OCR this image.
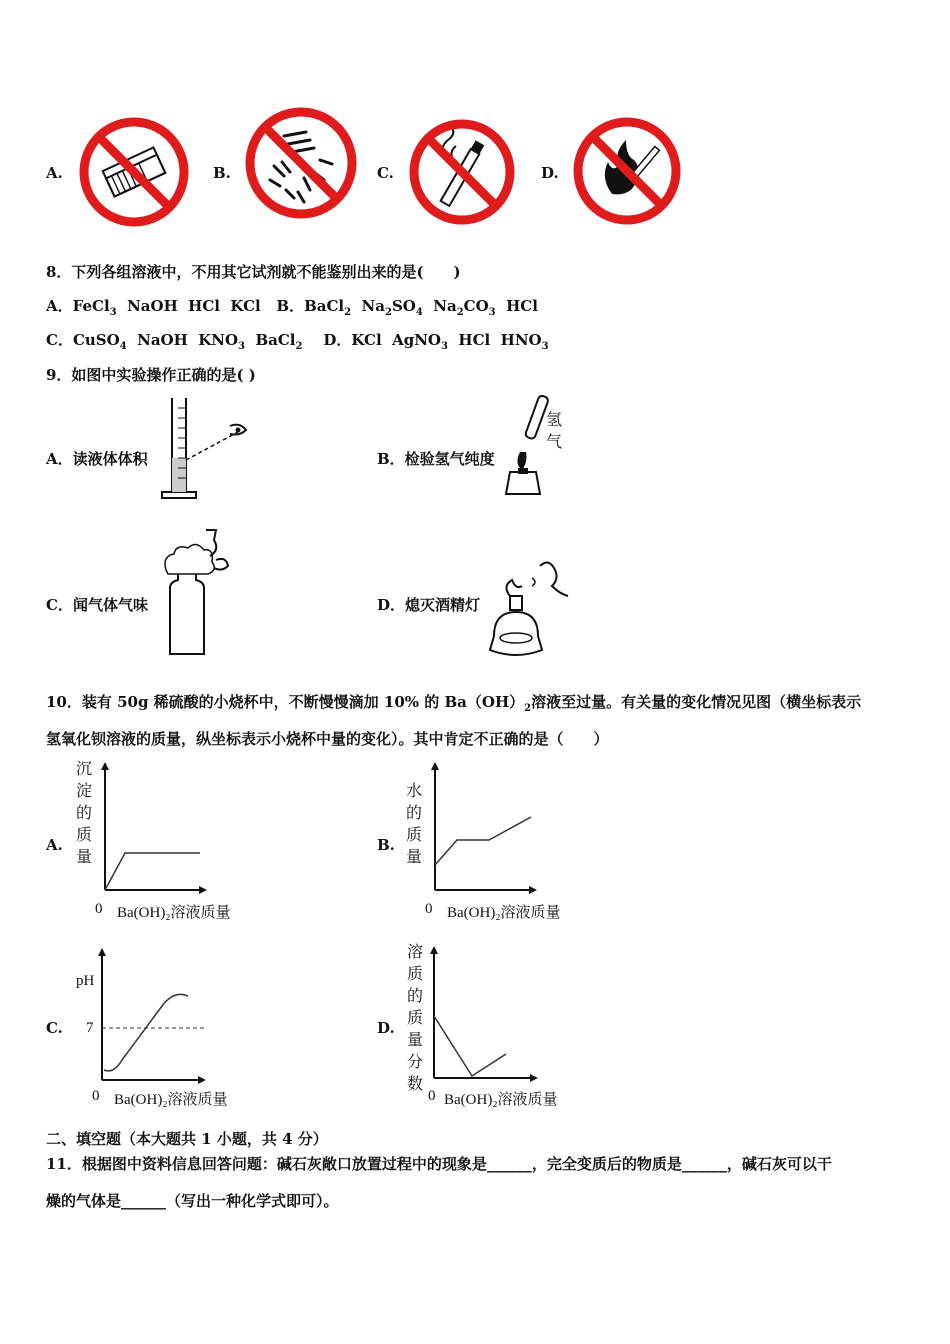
A.	B.	C.	D.
8．下列各组溶液中，不用其它试剂就不能鉴别出来的是(　　)
A．FeCl$_3$  NaOH  HCl  KCl B．BaCl$_2$  $Na_2SO_4$  $Na_2CO_3$  HCl
C．CuSO$_4$  NaOH  $KNO_3$  BaCl$_2$ D．KCl  AgNO$_3$  HCl  $HNO_3$
9．如图中实验操作正确的是( )
A．读液体体积	B．检验氢气纯度
氢
气
C．闻气体气味	D．熄灭酒精灯
10．装有 50g 稀硫酸的小烧杯中，不断慢慢滴加 10% 的 $Ba(OH)_2$溶液至过量。有关量的变化情况见图（横坐标表示
氢氧化钡溶液的质量，纵坐标表示小烧杯中量的变化）。其中肯定不正确的是（　　）
A.
沉
淀
的
质
量
0 Ba(OH)₂溶液质量
B.
水
的
质
量
0 Ba(OH)₂溶液质量
C.
pH
7
0 Ba(OH)₂溶液质量
D.
溶
质
的
质
量
分
数
0 Ba(OH)₂溶液质量
二、填空题（本大题共 1 小题，共 4 分）
11．根据图中资料信息回答问题：碱石灰敞口放置过程中的现象是______，完全变质后的物质是______，碱石灰可以干
燥的气体是______（写出一种化学式即可）。
